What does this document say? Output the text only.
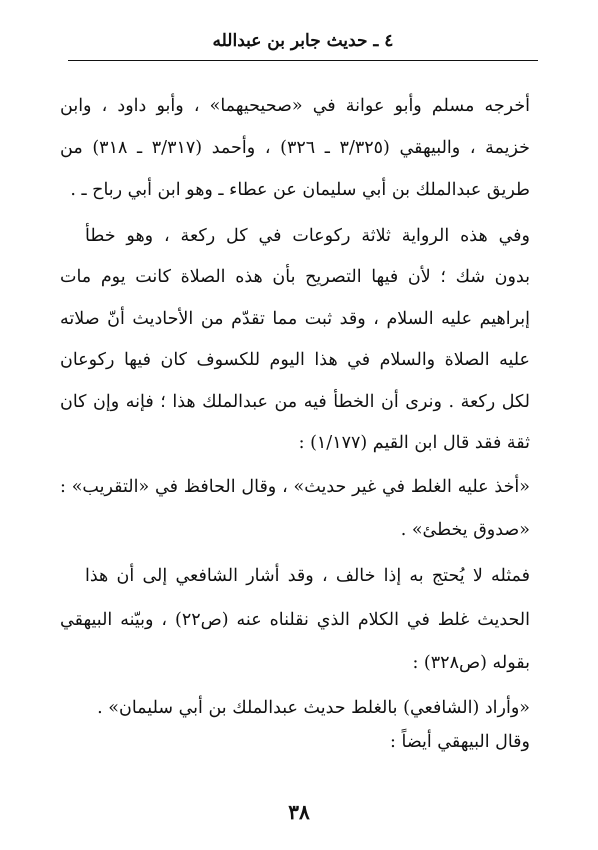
٤ ـ حديث جابر بن عبدالله
أخرجه مسلم وأبو عوانة في «صحيحيهما» ، وأبو داود ، وابن
خزيمة ، والبيهقي (٣/٣٢٥ ـ ٣٢٦) ، وأحمد (٣/٣١٧ ـ ٣١٨) من
طريق عبدالملك بن أبي سليمان عن عطاء ـ وهو ابن أبي رباح ـ .
وفي هذه الرواية ثلاثة ركوعات في كل ركعة ، وهو خطأ
بدون شك ؛ لأن فيها التصريح بأن هذه الصلاة كانت يوم مات
إبراهيم عليه السلام ، وقد ثبت مما تقدّم من الأحاديث أنّ صلاته
عليه الصلاة والسلام في هذا اليوم للكسوف كان فيها ركوعان
لكل ركعة . ونرى أن الخطأ فيه من عبدالملك هذا ؛ فإنه وإن كان
ثقة فقد قال ابن القيم (١/١٧٧) :
«أخذ عليه الغلط في غير حديث» ، وقال الحافظ في «التقريب» :
«صدوق يخطئ» .
فمثله لا يُحتج به إذا خالف ، وقد أشار الشافعي إلى أن هذا
الحديث غلط في الكلام الذي نقلناه عنه (ص٢٢) ، وبيّنه البيهقي
بقوله (ص٣٢٨) :
«وأراد (الشافعي) بالغلط حديث عبدالملك بن أبي سليمان» .
وقال البيهقي أيضاً :
٣٨
